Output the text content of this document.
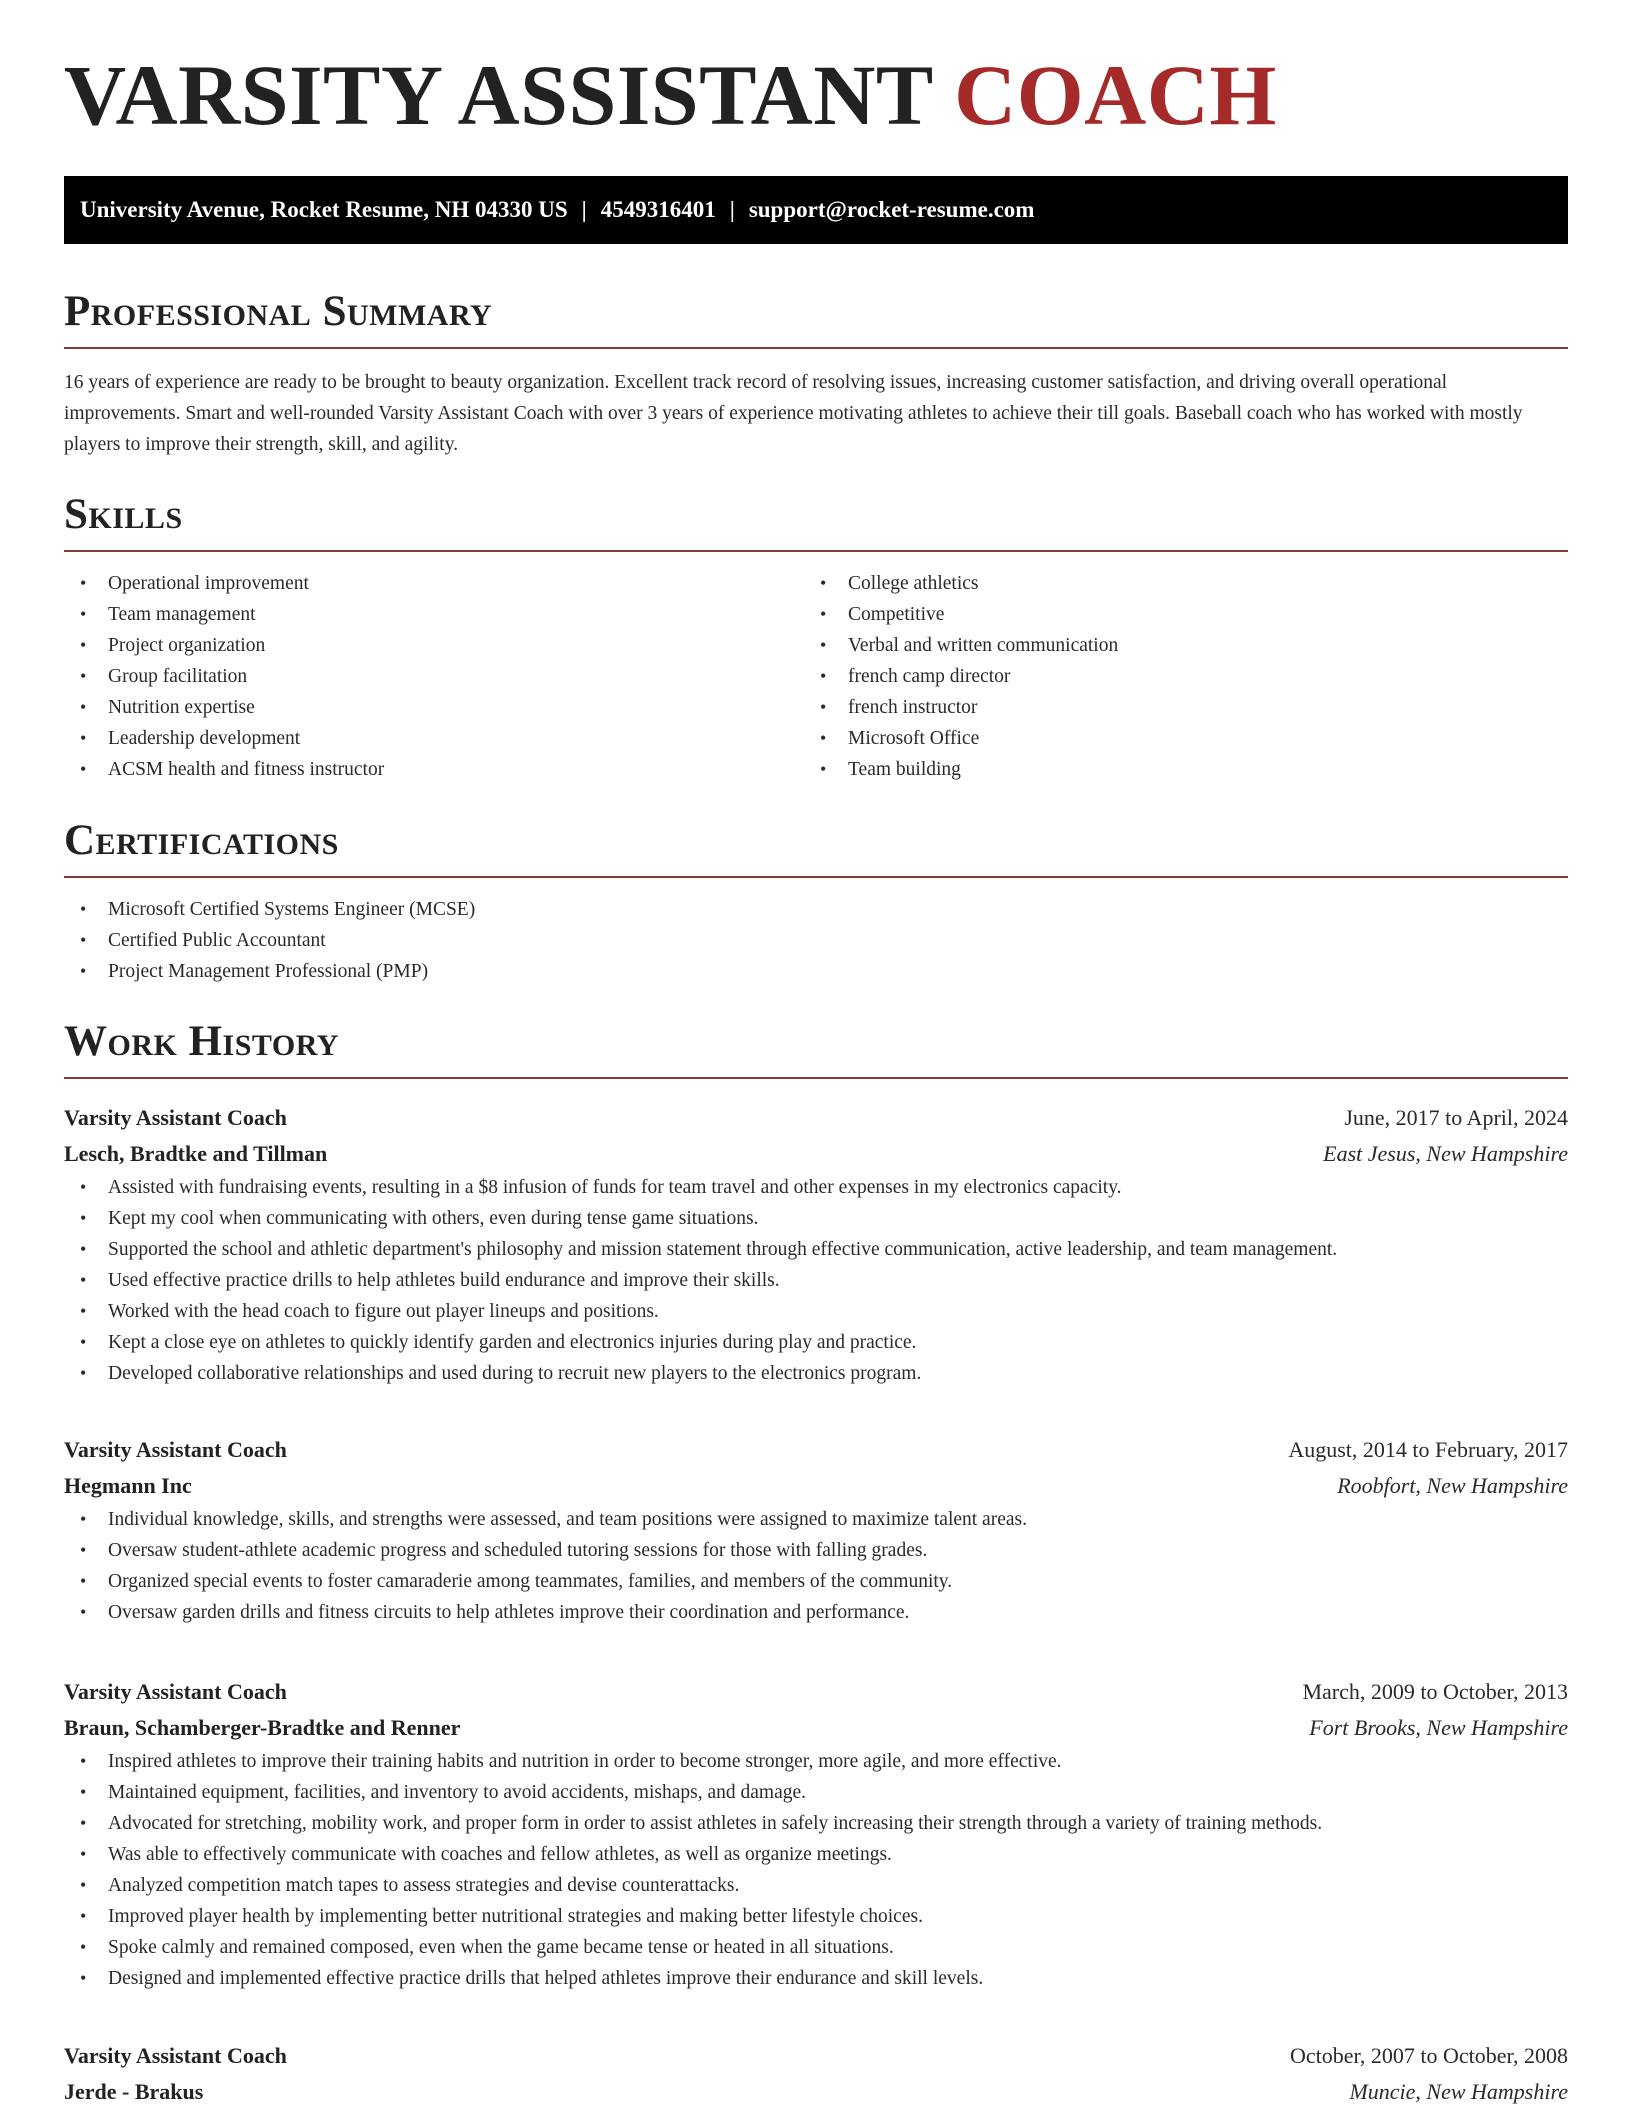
VARSITY ASSISTANT COACH
University Avenue, Rocket Resume, NH 04330 US | 4549316401 | support@rocket-resume.com
Professional Summary

16 years of experience are ready to be brought to beauty organization. Excellent track record of resolving issues, increasing customer satisfaction, and driving overall operational improvements. Smart and well-rounded Varsity Assistant Coach with over 3 years of experience motivating athletes to achieve their till goals. Baseball coach who has worked with mostly players to improve their strength, skill, and agility.

Skills
• Operational improvement
• Team management
• Project organization
• Group facilitation
• Nutrition expertise
• Leadership development
• ACSM health and fitness instructor
• College athletics
• Competitive
• Verbal and written communication
• french camp director
• french instructor
• Microsoft Office
• Team building
Certifications
• Microsoft Certified Systems Engineer (MCSE)
• Certified Public Accountant
• Project Management Professional (PMP)
Work History
Varsity Assistant Coach	June, 2017 to April, 2024
Lesch, Bradtke and Tillman	East Jesus, New Hampshire
• Assisted with fundraising events, resulting in a $8 infusion of funds for team travel and other expenses in my electronics capacity.
• Kept my cool when communicating with others, even during tense game situations.
• Supported the school and athletic department's philosophy and mission statement through effective communication, active leadership, and team management.
• Used effective practice drills to help athletes build endurance and improve their skills.
• Worked with the head coach to figure out player lineups and positions.
• Kept a close eye on athletes to quickly identify garden and electronics injuries during play and practice.
• Developed collaborative relationships and used during to recruit new players to the electronics program.
Varsity Assistant Coach	August, 2014 to February, 2017
Hegmann Inc	Roobfort, New Hampshire
• Individual knowledge, skills, and strengths were assessed, and team positions were assigned to maximize talent areas.
• Oversaw student-athlete academic progress and scheduled tutoring sessions for those with falling grades.
• Organized special events to foster camaraderie among teammates, families, and members of the community.
• Oversaw garden drills and fitness circuits to help athletes improve their coordination and performance.
Varsity Assistant Coach	March, 2009 to October, 2013
Braun, Schamberger-Bradtke and Renner	Fort Brooks, New Hampshire
• Inspired athletes to improve their training habits and nutrition in order to become stronger, more agile, and more effective.
• Maintained equipment, facilities, and inventory to avoid accidents, mishaps, and damage.
• Advocated for stretching, mobility work, and proper form in order to assist athletes in safely increasing their strength through a variety of training methods.
• Was able to effectively communicate with coaches and fellow athletes, as well as organize meetings.
• Analyzed competition match tapes to assess strategies and devise counterattacks.
• Improved player health by implementing better nutritional strategies and making better lifestyle choices.
• Spoke calmly and remained composed, even when the game became tense or heated in all situations.
• Designed and implemented effective practice drills that helped athletes improve their endurance and skill levels.
Varsity Assistant Coach	October, 2007 to October, 2008
Jerde - Brakus	Muncie, New Hampshire
